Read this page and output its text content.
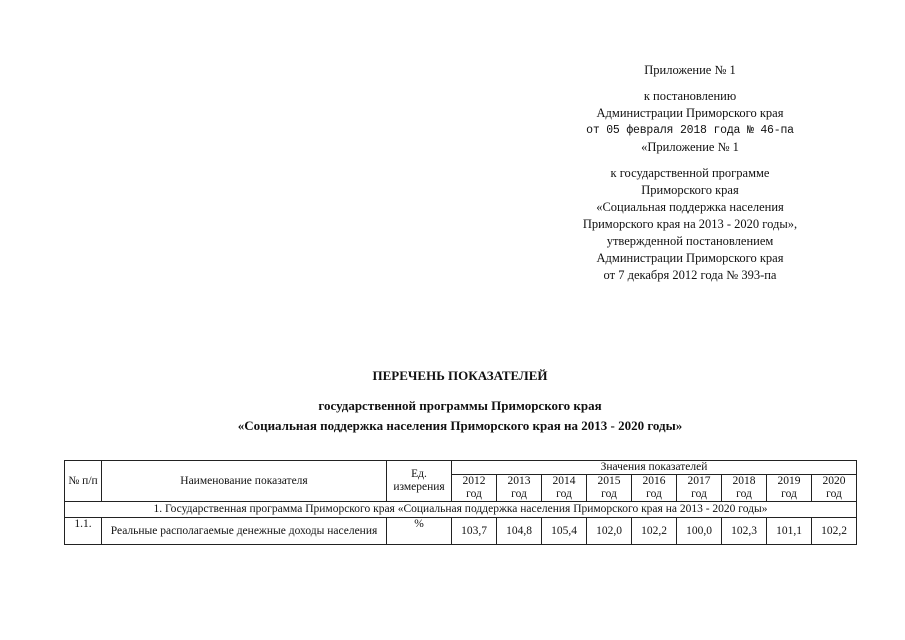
Приложение № 1
к постановлению
Администрации Приморского края
от 05 февраля 2018 года № 46-па
«Приложение № 1
к государственной программе
Приморского края
«Социальная поддержка населения
Приморского края на 2013 - 2020 годы»,
утвержденной постановлением
Администрации Приморского края
от 7 декабря 2012 года № 393-па
ПЕРЕЧЕНЬ ПОКАЗАТЕЛЕЙ
государственной программы Приморского края
«Социальная поддержка населения Приморского края на 2013 - 2020 годы»
№ п/п	Наименование показателя	Ед. измерения	Значения показателей								
			2012 год	2013 год	2014 год	2015 год	2016 год	2017 год	2018 год	2019 год	2020 год
1. Государственная программа Приморского края «Социальная поддержка населения Приморского края на 2013 - 2020 годы»											
1.1.	Реальные располагаемые денежные доходы населения	%	103,7	104,8	105,4	102,0	102,2	100,0	102,3	101,1	102,2
